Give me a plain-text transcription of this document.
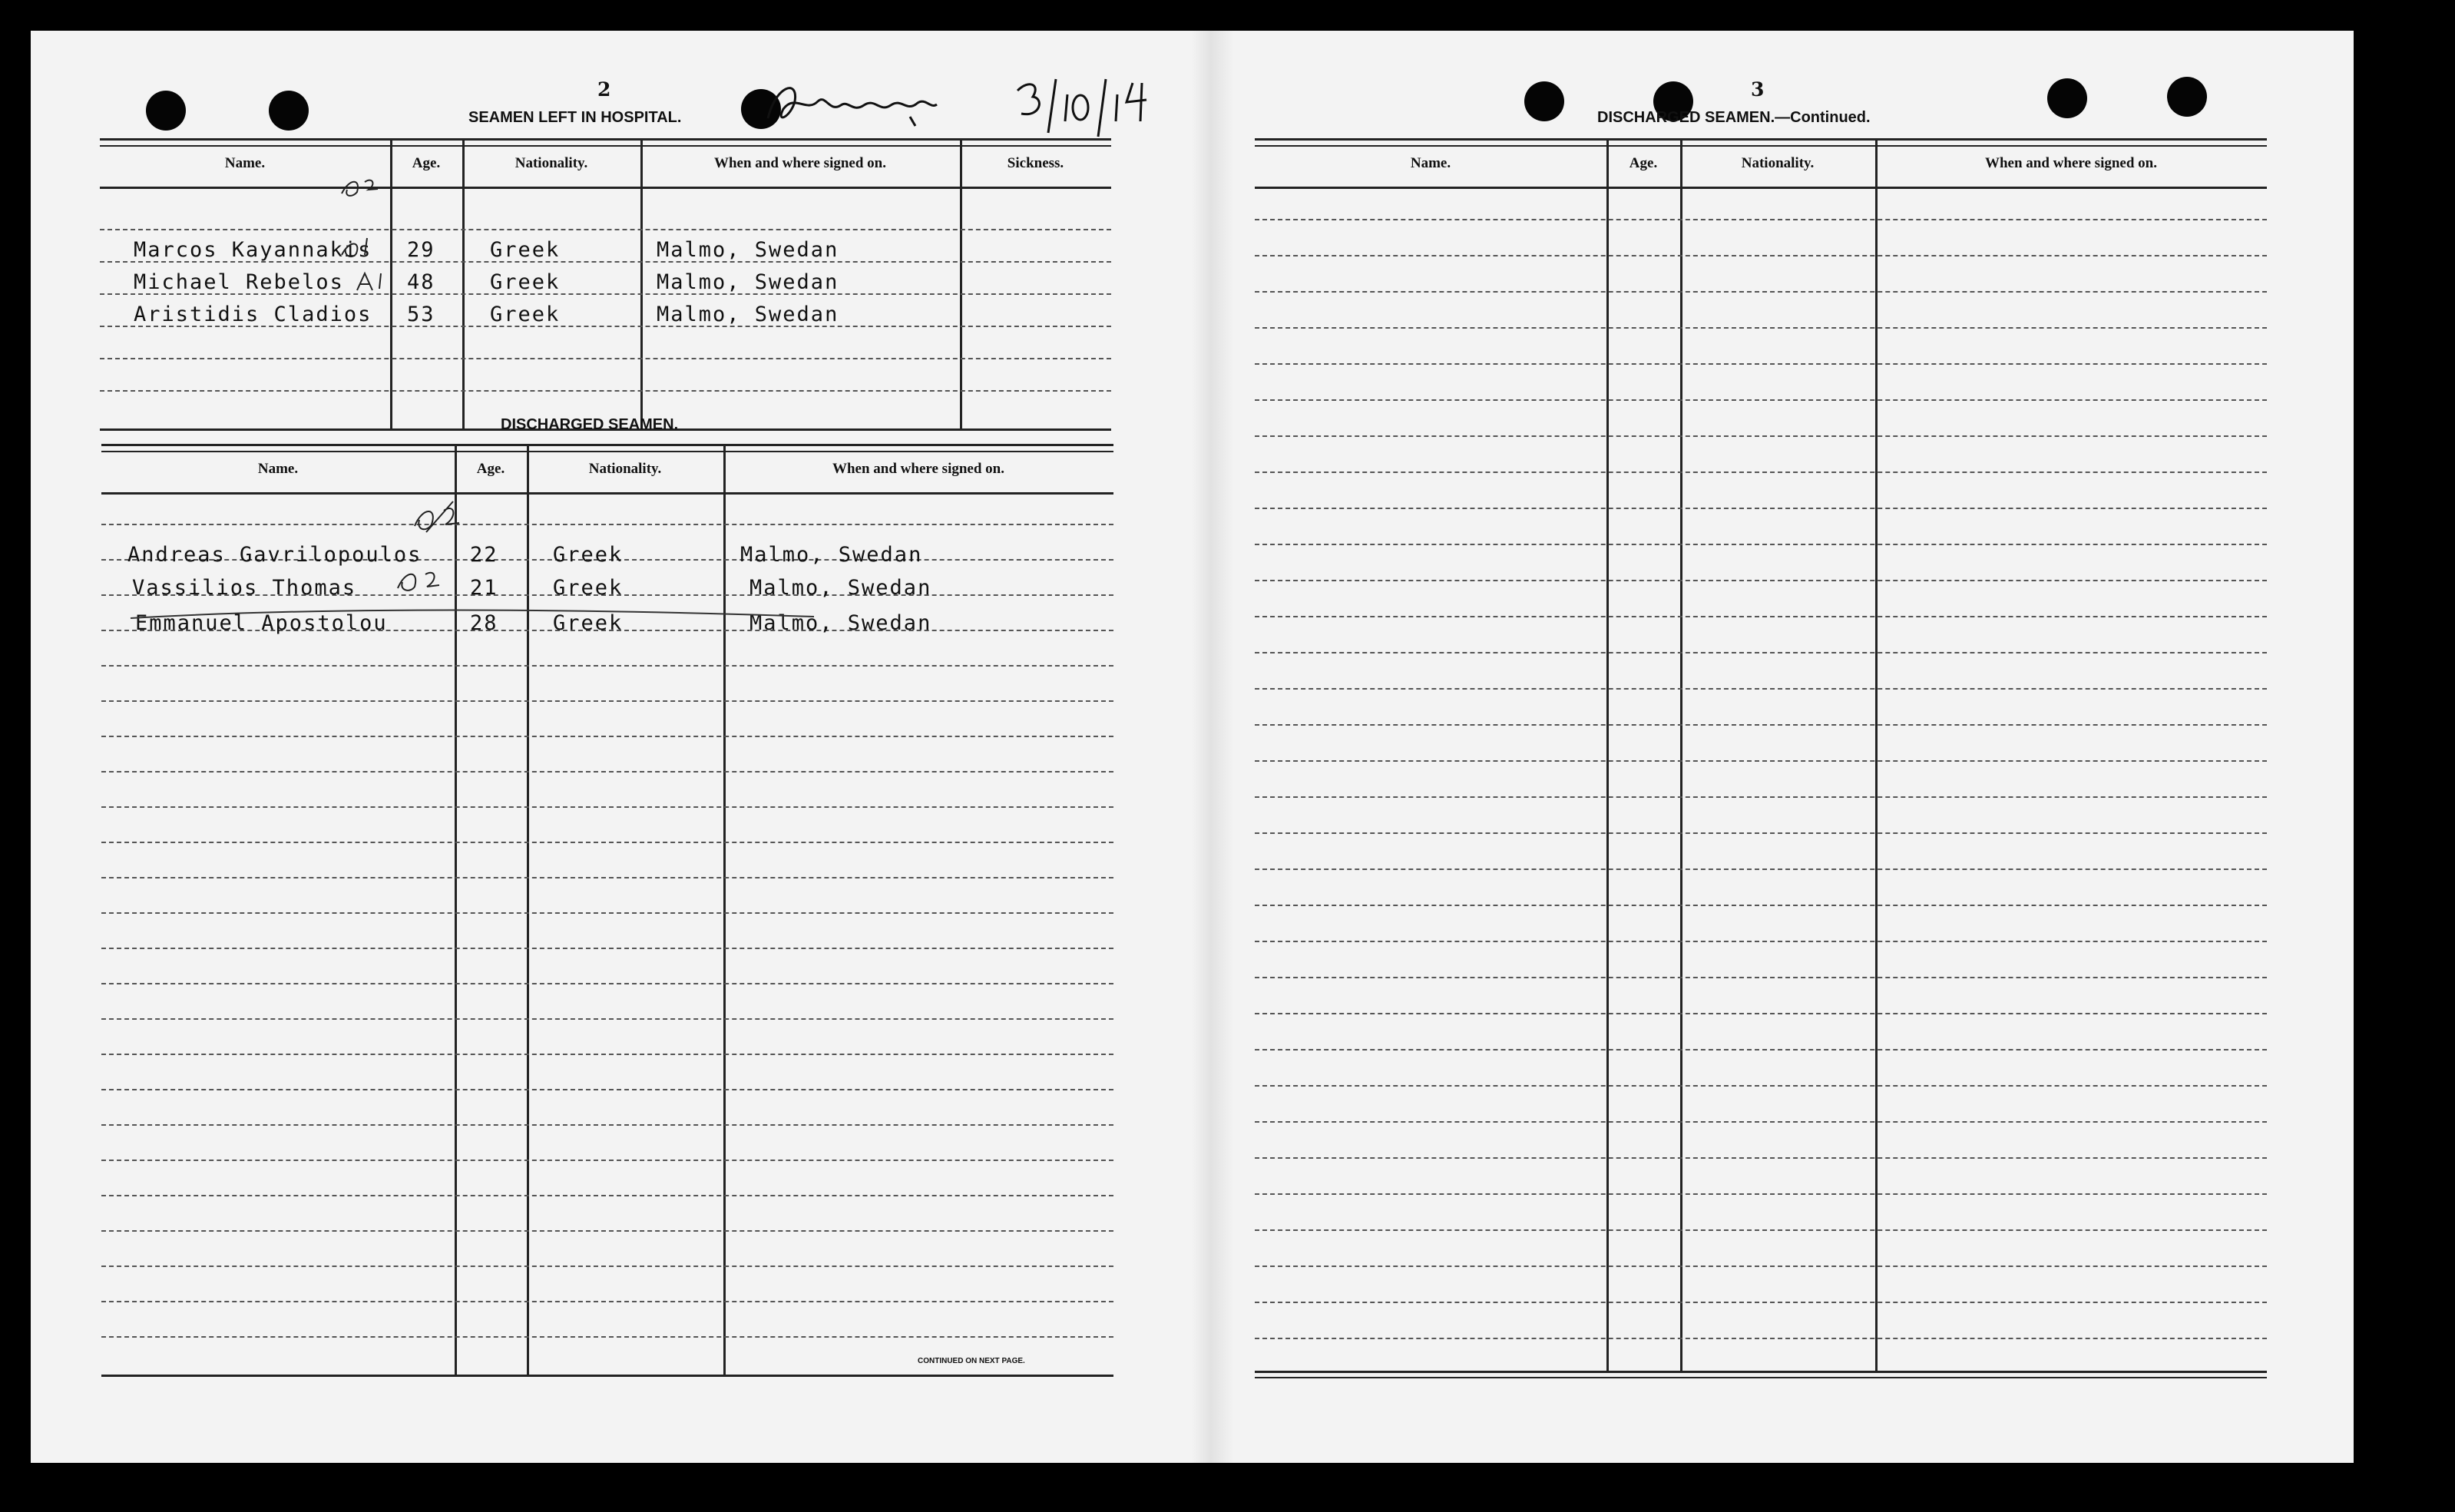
2
SEAMEN LEFT IN HOSPITAL.
Name.	Age.	Nationality.	When and where signed on.	Sickness.
Marcos Kayannakis 29	Greek	Malmo, Swedan
Michael Rebelos	48	Greek	Malmo, Swedan
Aristidis Cladios 53	Greek	Malmo, Swedan
DISCHARGED SEAMEN.
Name.	Age.	Nationality.	When and where signed on.
Andreas Gavrilopoulos 22	Greek	Malmo, Swedan
Vassilios Thomas	21	Greek	Malmo, Swedan
Emmanuel Apostolou	28	Greek	Malmo, Swedan
CONTINUED ON NEXT PAGE.
3
DISCHARGED SEAMEN.—Continued.
Name.	Age.	Nationality.	When and where signed on.
